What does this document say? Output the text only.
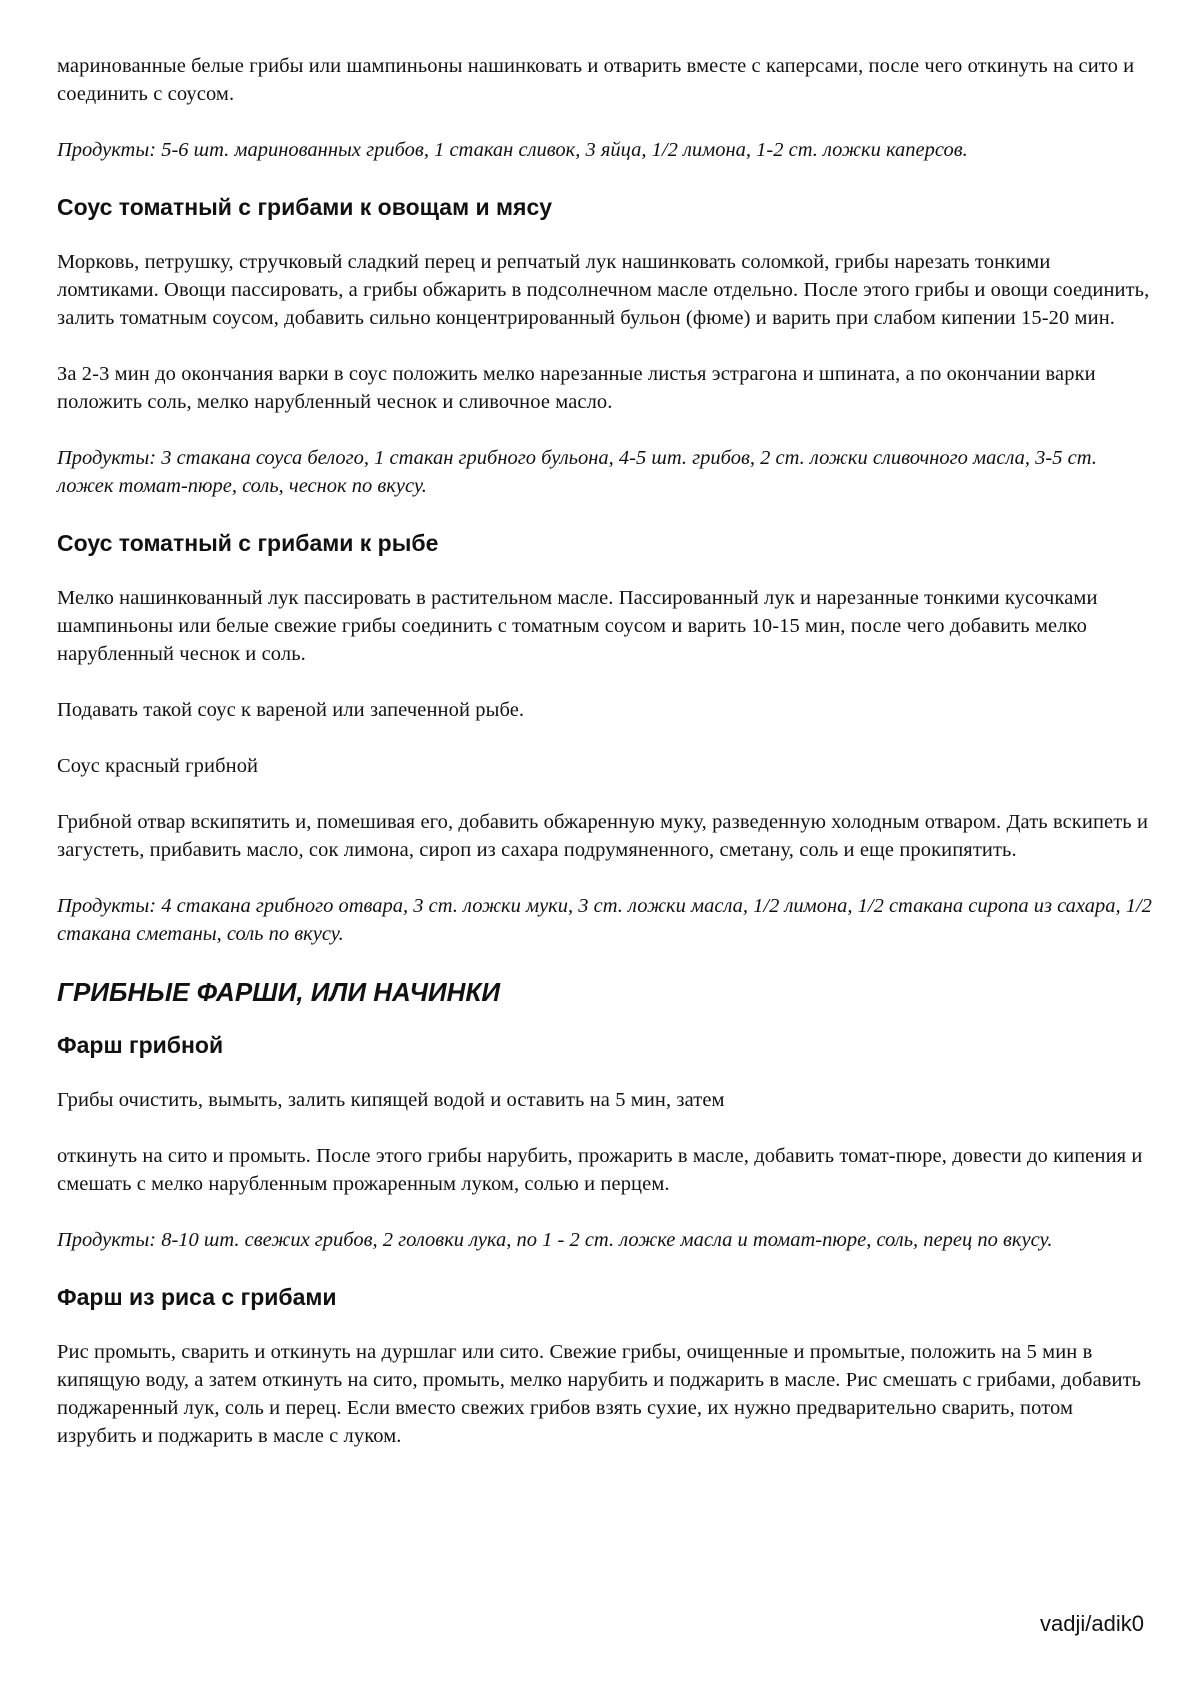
маринованные белые грибы или шампиньоны нашинковать и отварить вместе с каперсами, после чего откинуть на сито и соединить с соусом.

Продукты: 5-6 шт. маринованных грибов, 1 стакан сливок, 3 яйца, 1/2 лимона, 1-2 ст. ложки каперсов.

Соус томатный с грибами к овощам и мясу

Морковь, петрушку, стручковый сладкий перец и репчатый лук нашинковать соломкой, грибы нарезать тонкими ломтиками. Овощи пассировать, а грибы обжарить в подсолнечном масле отдельно. После этого грибы и овощи соединить, залить томатным соусом, добавить сильно концентрированный бульон (фюме) и варить при слабом кипении 15-20 мин.

За 2-3 мин до окончания варки в соус положить мелко нарезанные листья эстрагона и шпината, а по окончании варки положить соль, мелко нарубленный чеснок и сливочное масло.

Продукты: 3 стакана соуса белого, 1 стакан грибного бульона, 4-5 шт. грибов, 2 ст. ложки сливочного масла, 3-5 ст. ложек томат-пюре, соль, чеснок по вкусу.

Соус томатный с грибами к рыбе

Мелко нашинкованный лук пассировать в растительном масле. Пассированный лук и нарезанные тонкими кусочками шампиньоны или белые свежие грибы соединить с томатным соусом и варить 10-15 мин, после чего добавить мелко нарубленный чеснок и соль.

Подавать такой соус к вареной или запеченной рыбе.

Соус красный грибной

Грибной отвар вскипятить и, помешивая его, добавить обжаренную муку, разведенную холодным отваром. Дать вскипеть и загустеть, прибавить масло, сок лимона, сироп из сахара подрумяненного, сметану, соль и еще прокипятить.

Продукты: 4 стакана грибного отвара, 3 ст. ложки муки, 3 ст. ложки масла, 1/2 лимона, 1/2 стакана сиропа из сахара, 1/2 стакана сметаны, соль по вкусу.

ГРИБНЫЕ ФАРШИ, ИЛИ НАЧИНКИ
Фарш грибной

Грибы очистить, вымыть, залить кипящей водой и оставить на 5 мин, затем

откинуть на сито и промыть. После этого грибы нарубить, прожарить в масле, добавить томат-пюре, довести до кипения и смешать с мелко нарубленным прожаренным луком, солью и перцем.

Продукты: 8-10 шт. свежих грибов, 2 головки лука, по 1 - 2 ст. ложке масла и томат-пюре, соль, перец по вкусу.

Фарш из риса с грибами

Рис промыть, сварить и откинуть на дуршлаг или сито. Свежие грибы, очищенные и промытые, положить на 5 мин в кипящую воду, а затем откинуть на сито, промыть, мелко нарубить и поджарить в масле. Рис смешать с грибами, добавить поджаренный лук, соль и перец. Если вместо свежих грибов взять сухие, их нужно предварительно сварить, потом изрубить и поджарить в масле с луком.

vadji/adik0
